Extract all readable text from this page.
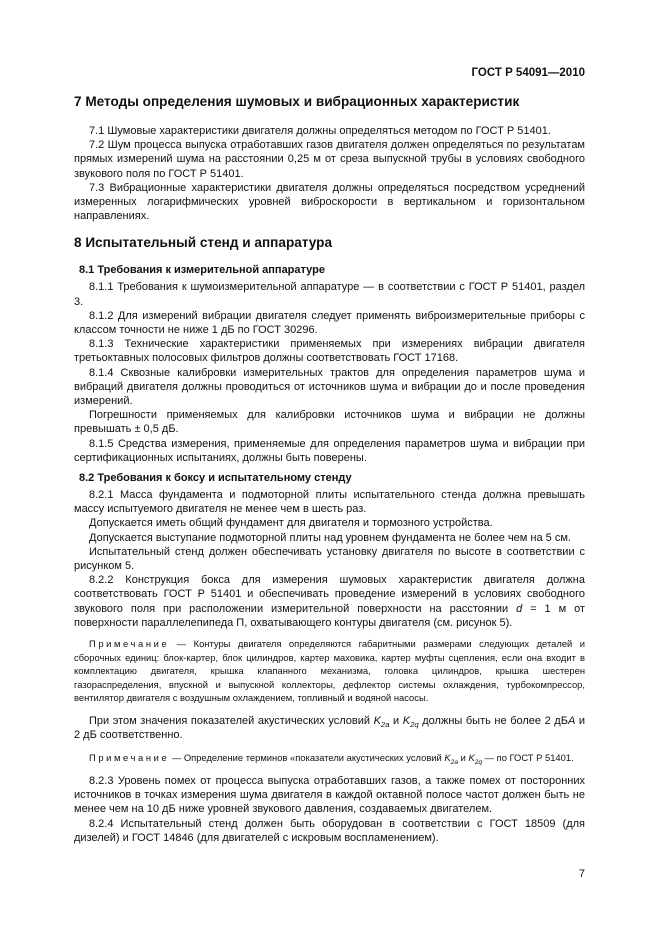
ГОСТ Р 54091—2010
7 Методы определения шумовых и вибрационных характеристик

7.1 Шумовые характеристики двигателя должны определяться методом по ГОСТ Р 51401.

7.2 Шум процесса выпуска отработавших газов двигателя должен определяться по результатам прямых измерений шума на расстоянии 0,25 м от среза выпускной трубы в условиях свободного звукового поля по ГОСТ Р 51401.

7.3 Вибрационные характеристики двигателя должны определяться посредством усреднений измеренных логарифмических уровней виброскорости в вертикальном и горизонтальном направлениях.

8 Испытательный стенд и аппаратура
8.1 Требования к измерительной аппаратуре

8.1.1 Требования к шумоизмерительной аппаратуре — в соответствии с ГОСТ Р 51401, раздел 3.

8.1.2 Для измерений вибрации двигателя следует применять виброизмерительные приборы с классом точности не ниже 1 дБ по ГОСТ 30296.

8.1.3 Технические характеристики применяемых при измерениях вибрации двигателя третьоктавных полосовых фильтров должны соответствовать ГОСТ 17168.

8.1.4 Сквозные калибровки измерительных трактов для определения параметров шума и вибраций двигателя должны проводиться от источников шума и вибрации до и после проведения измерений.

Погрешности применяемых для калибровки источников шума и вибрации не должны превышать ± 0,5 дБ.

8.1.5 Средства измерения, применяемые для определения параметров шума и вибрации при сертификационных испытаниях, должны быть поверены.

8.2 Требования к боксу и испытательному стенду

8.2.1 Масса фундамента и подмоторной плиты испытательного стенда должна превышать массу испытуемого двигателя не менее чем в шесть раз.

Допускается иметь общий фундамент для двигателя и тормозного устройства.

Допускается выступание подмоторной плиты над уровнем фундамента не более чем на 5 см.

Испытательный стенд должен обеспечивать установку двигателя по высоте в соответствии с рисунком 5.

8.2.2 Конструкция бокса для измерения шумовых характеристик двигателя должна соответствовать ГОСТ Р 51401 и обеспечивать проведение измерений в условиях свободного звукового поля при расположении измерительной поверхности на расстоянии d = 1 м от поверхности параллелепипеда П, охватывающего контуры двигателя (см. рисунок 5).

Примечание — Контуры двигателя определяются габаритными размерами следующих деталей и сборочных единиц: блок-картер, блок цилиндров, картер маховика, картер муфты сцепления, если она входит в комплектацию двигателя, крышка клапанного механизма, головка цилиндров, крышка шестерен газораспределения, впускной и выпускной коллекторы, дефлектор системы охлаждения, турбокомпрессор, вентилятор двигателя с воздушным охлаждением, топливный и водяной насосы.

При этом значения показателей акустических условий $K_{2a}$ и $K_{2q}$ должны быть не более 2 дБA и 2 дБ соответственно.

Примечание — Определение терминов «показатели акустических условий $K_{2a}$ и $K_{2q}$ — по ГОСТ Р 51401.

8.2.3 Уровень помех от процесса выпуска отработавших газов, а также помех от посторонних источников в точках измерения шума двигателя в каждой октавной полосе частот должен быть не менее чем на 10 дБ ниже уровней звукового давления, создаваемых двигателем.

8.2.4 Испытательный стенд должен быть оборудован в соответствии с ГОСТ 18509 (для дизелей) и ГОСТ 14846 (для двигателей с искровым воспламенением).

7
